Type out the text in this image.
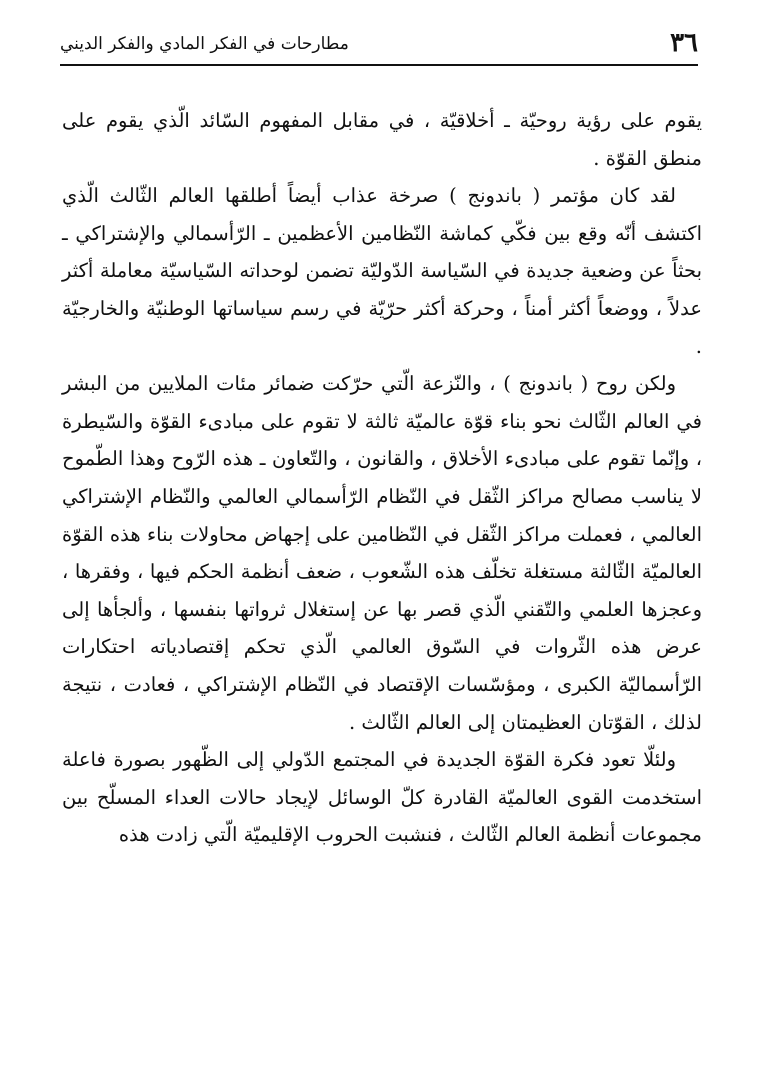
٣٦
مطارحات في الفكر المادي والفكر الديني

يقوم على رؤية روحيّة ـ أخلاقيّة ، في مقابل المفهوم السّائد الّذي يقوم على منطق القوّة .

لقد كان مؤتمر ( باندونج ) صرخة عذاب أيضاً أطلقها العالم الثّالث الّذي اكتشف أنّه وقع بين فكّي كماشة النّظامين الأعظمين ـ الرّأسمالي والإشتراكي ـ بحثاً عن وضعية جديدة في السّياسة الدّوليّة تضمن لوحداته السّياسيّة معاملة أكثر عدلاً ، ووضعاً أكثر أمناً ، وحركة أكثر حرّيّة في رسم سياساتها الوطنيّة والخارجيّة .

ولكن روح ( باندونج ) ، والنّزعة الّتي حرّكت ضمائر مئات الملايين من البشر في العالم الثّالث نحو بناء قوّة عالميّة ثالثة لا تقوم على مبادىء القوّة والسّيطرة ، وإنّما تقوم على مبادىء الأخلاق ، والقانون ، والتّعاون ـ هذه الرّوح وهذا الطّموح لا يناسب مصالح مراكز الثّقل في النّظام الرّأسمالي العالمي والنّظام الإشتراكي العالمي ، فعملت مراكز الثّقل في النّظامين على إجهاض محاولات بناء هذه القوّة العالميّة الثّالثة مستغلة تخلّف هذه الشّعوب ، ضعف أنظمة الحكم فيها ، وفقرها ، وعجزها العلمي والتّقني الّذي قصر بها عن إستغلال ثرواتها بنفسها ، وألجأها إلى عرض هذه الثّروات في السّوق العالمي الّذي تحكم إقتصادياته احتكارات الرّأسماليّة الكبرى ، ومؤسّسات الإقتصاد في النّظام الإشتراكي ، فعادت ، نتيجة لذلك ، القوّتان العظيمتان إلى العالم الثّالث .

ولئلّا تعود فكرة القوّة الجديدة في المجتمع الدّولي إلى الظّهور بصورة فاعلة استخدمت القوى العالميّة القادرة كلّ الوسائل لإيجاد حالات العداء المسلّح بين مجموعات أنظمة العالم الثّالث ، فنشبت الحروب الإقليميّة الّتي زادت هذه
